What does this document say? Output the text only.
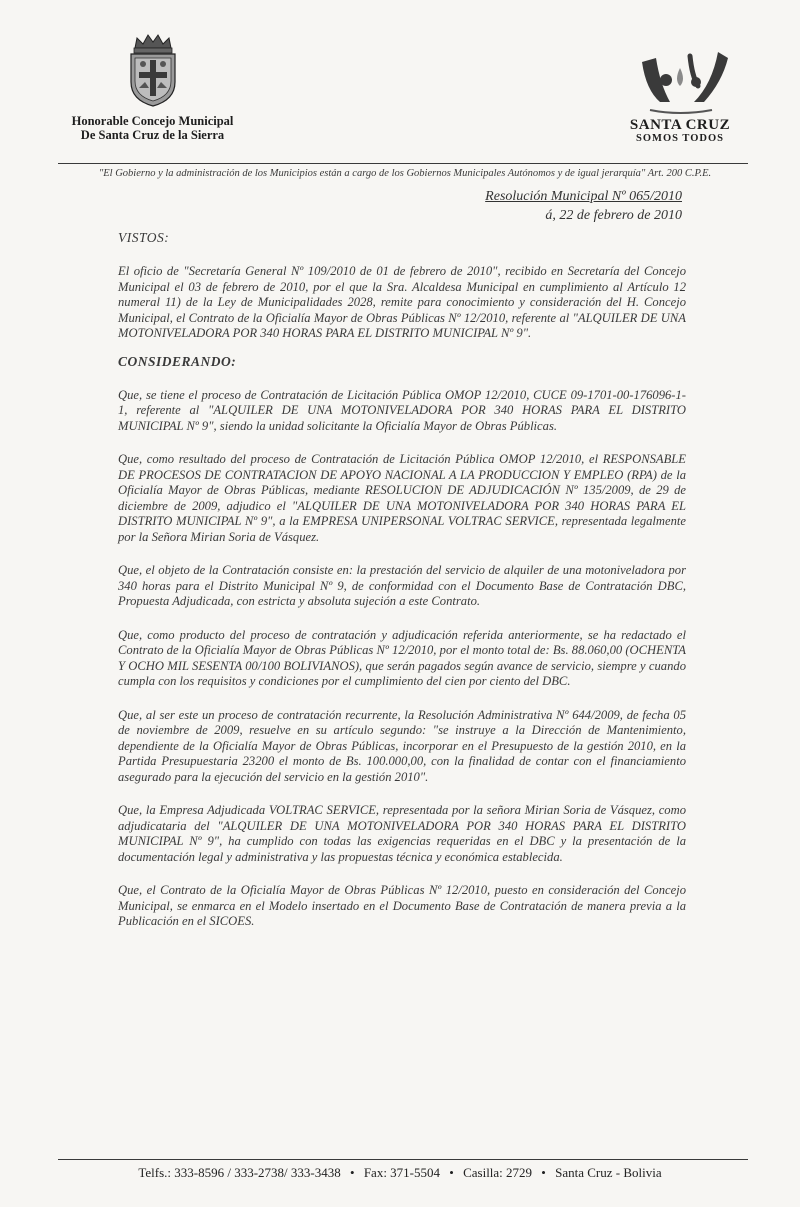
Honorable Concejo Municipal
De Santa Cruz de la Sierra
SANTA CRUZ
SOMOS TODOS
"El Gobierno y la administración de los Municipios están a cargo de los Gobiernos Municipales Autónomos y de igual jerarquía" Art. 200 C.P.E.
Resolución Municipal Nº 065/2010
á, 22 de febrero de 2010
VISTOS:

El oficio de "Secretaría General Nº 109/2010 de 01 de febrero de 2010", recibido en Secretaría del Concejo Municipal el 03 de febrero de 2010, por el que la Sra. Alcaldesa Municipal en cumplimiento al Artículo 12 numeral 11) de la Ley de Municipalidades 2028, remite para conocimiento y consideración del H. Concejo Municipal, el Contrato de la Oficialía Mayor de Obras Públicas Nº 12/2010, referente al "ALQUILER DE UNA MOTONIVELADORA POR 340 HORAS PARA EL DISTRITO MUNICIPAL Nº 9".

CONSIDERANDO:

Que, se tiene el proceso de Contratación de Licitación Pública OMOP 12/2010, CUCE 09-1701-00-176096-1-1, referente al "ALQUILER DE UNA MOTONIVELADORA POR 340 HORAS PARA EL DISTRITO MUNICIPAL Nº 9", siendo la unidad solicitante la Oficialía Mayor de Obras Públicas.

Que, como resultado del proceso de Contratación de Licitación Pública OMOP 12/2010, el RESPONSABLE DE PROCESOS DE CONTRATACION DE APOYO NACIONAL A LA PRODUCCION Y EMPLEO (RPA) de la Oficialía Mayor de Obras Públicas, mediante RESOLUCION DE ADJUDICACIÓN Nº 135/2009, de 29 de diciembre de 2009, adjudico el "ALQUILER DE UNA MOTONIVELADORA POR 340 HORAS PARA EL DISTRITO MUNICIPAL Nº 9", a la EMPRESA UNIPERSONAL VOLTRAC SERVICE, representada legalmente por la Señora Mirian Soria de Vásquez.

Que, el objeto de la Contratación consiste en: la prestación del servicio de alquiler de una motoniveladora por 340 horas para el Distrito Municipal Nº 9, de conformidad con el Documento Base de Contratación DBC, Propuesta Adjudicada, con estricta y absoluta sujeción a este Contrato.

Que, como producto del proceso de contratación y adjudicación referida anteriormente, se ha redactado el Contrato de la Oficialía Mayor de Obras Públicas Nº 12/2010, por el monto total de: Bs. 88.060,00 (OCHENTA Y OCHO MIL SESENTA 00/100 BOLIVIANOS), que serán pagados según avance de servicio, siempre y cuando cumpla con los requisitos y condiciones por el cumplimiento del cien por ciento del DBC.

Que, al ser este un proceso de contratación recurrente, la Resolución Administrativa Nº 644/2009, de fecha 05 de noviembre de 2009, resuelve en su artículo segundo: "se instruye a la Dirección de Mantenimiento, dependiente de la Oficialía Mayor de Obras Públicas, incorporar en el Presupuesto de la gestión 2010, en la Partida Presupuestaria 23200 el monto de Bs. 100.000,00, con la finalidad de contar con el financiamiento asegurado para la ejecución del servicio en la gestión 2010".

Que, la Empresa Adjudicada VOLTRAC SERVICE, representada por la señora Mirian Soria de Vásquez, como adjudicataria del "ALQUILER DE UNA MOTONIVELADORA POR 340 HORAS PARA EL DISTRITO MUNICIPAL Nº 9", ha cumplido con todas las exigencias requeridas en el DBC y la presentación de la documentación legal y administrativa y las propuestas técnica y económica establecida.

Que, el Contrato de la Oficialía Mayor de Obras Públicas Nº 12/2010, puesto en consideración del Concejo Municipal, se enmarca en el Modelo insertado en el Documento Base de Contratación de manera previa a la Publicación en el SICOES.

Telfs.: 333-8596 / 333-2738/ 333-3438 • Fax: 371-5504 • Casilla: 2729 • Santa Cruz - Bolivia
